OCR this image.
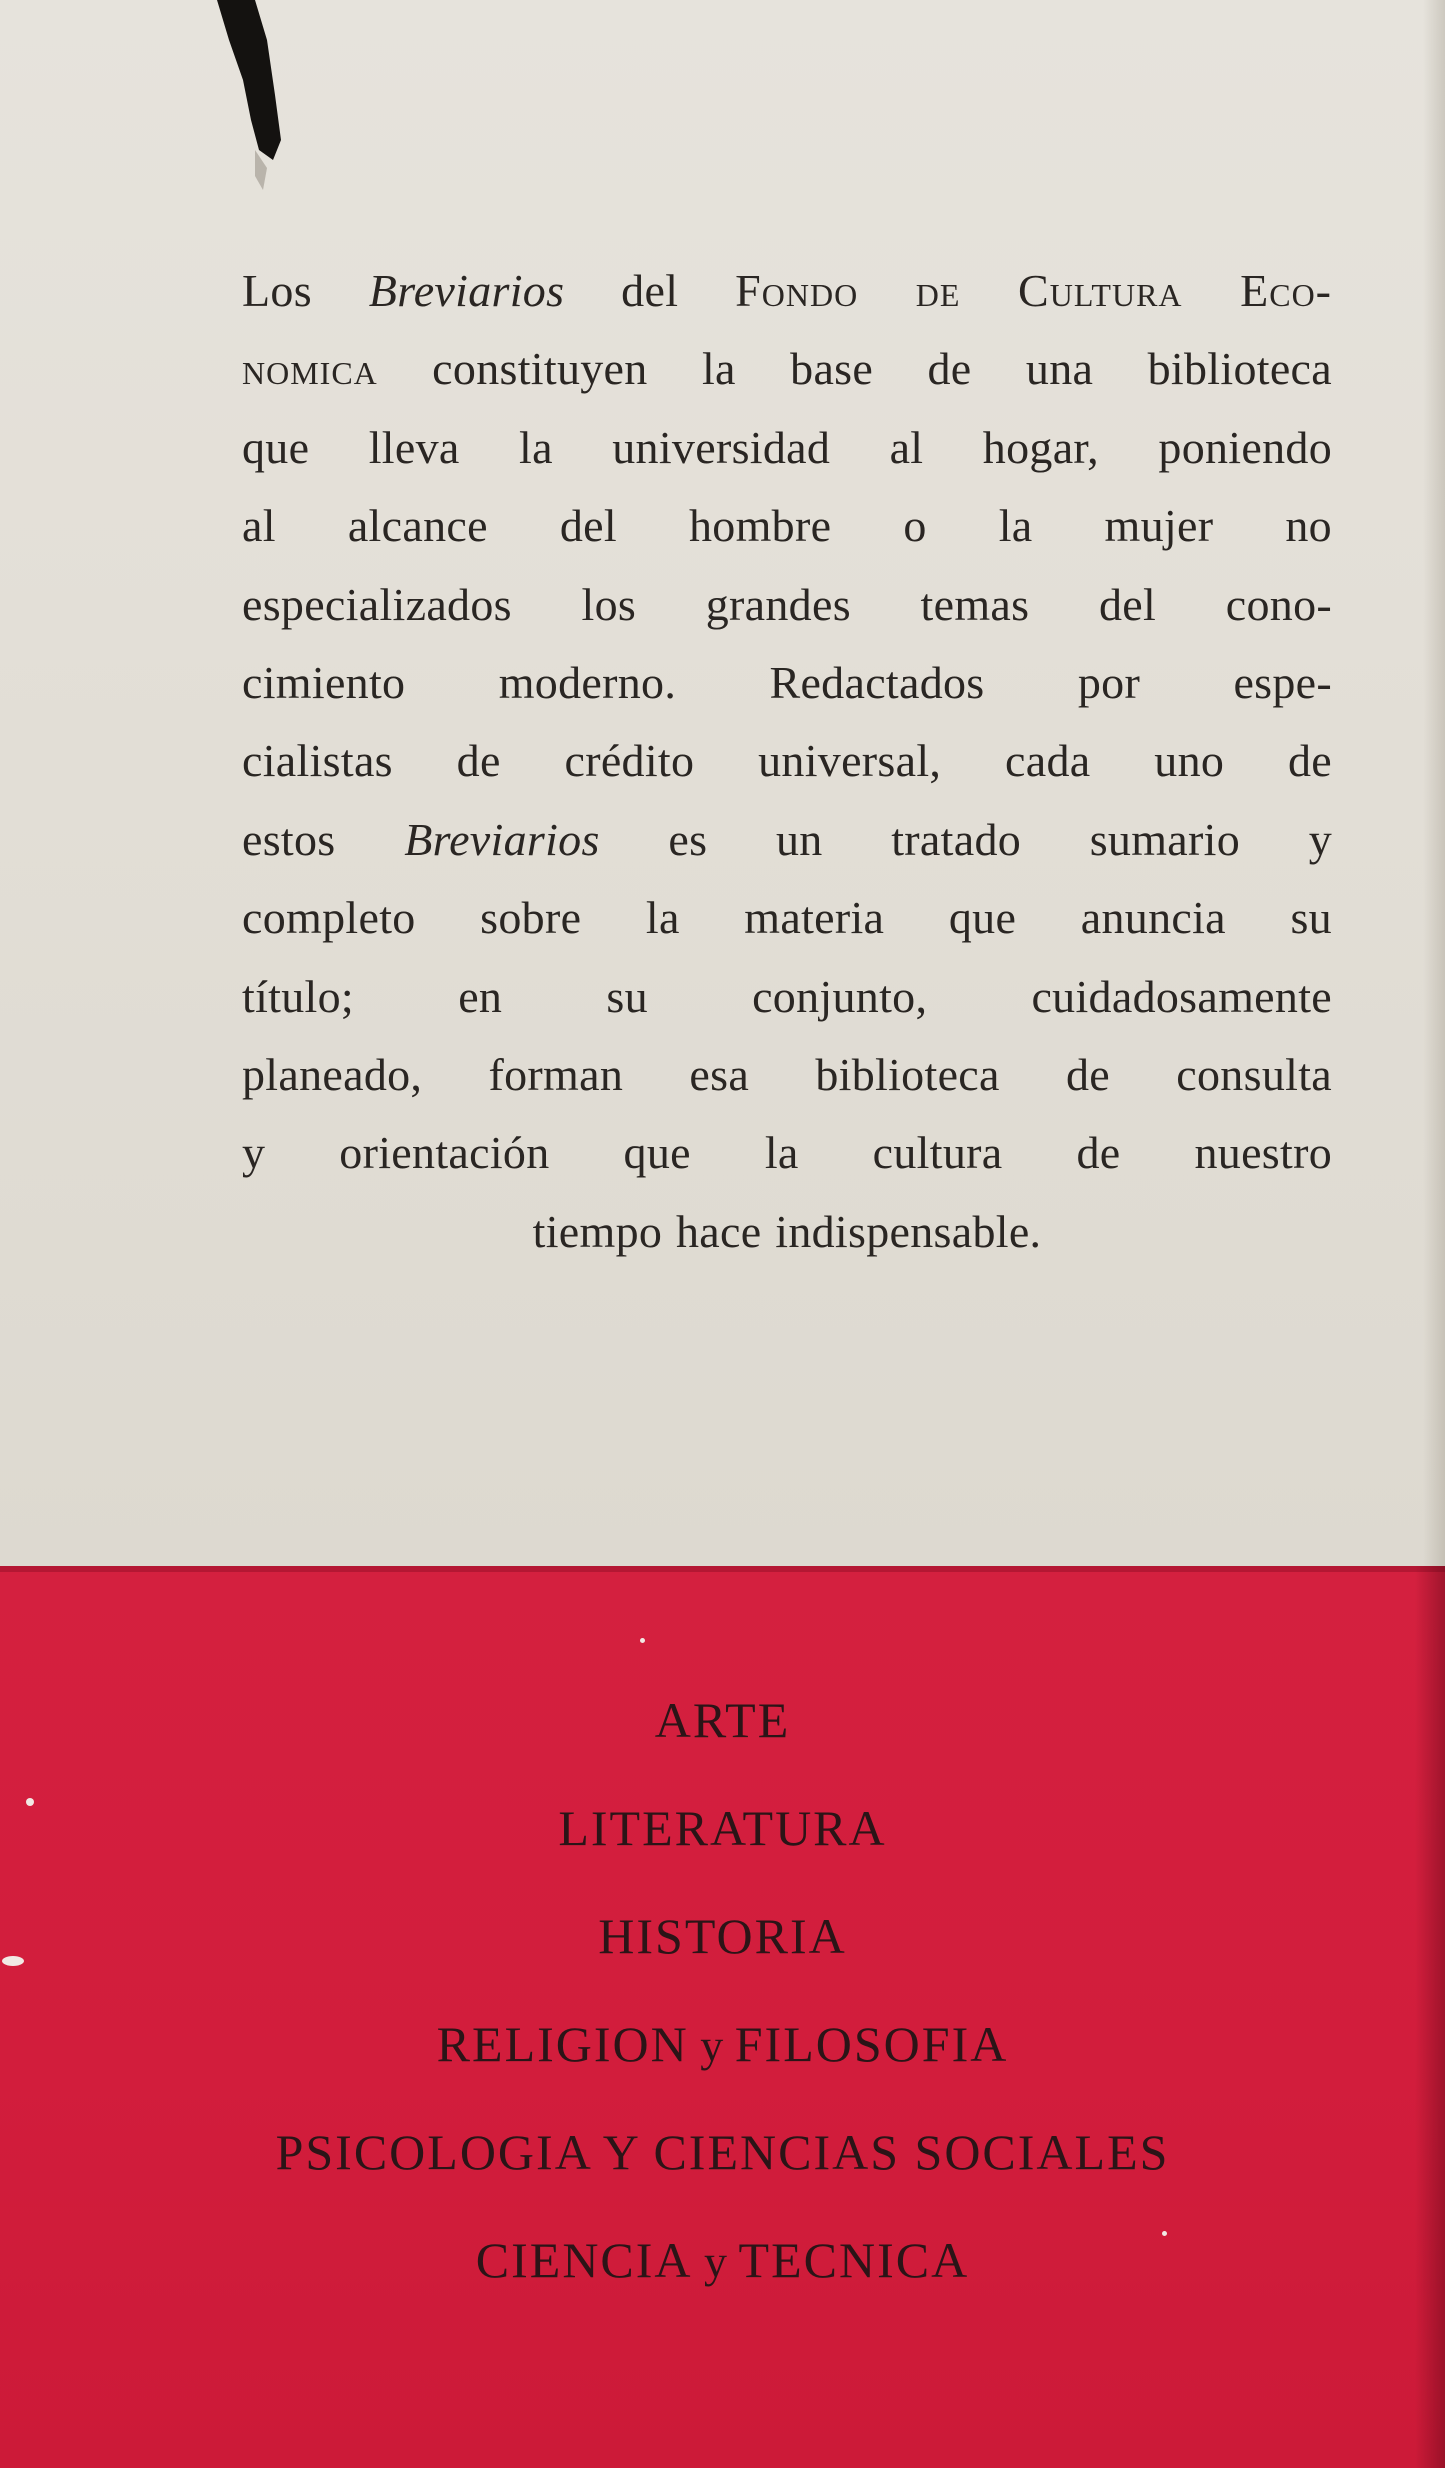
Los Breviarios del Fondo de Cultura Eco-
nomica constituyen la base de una biblioteca
que lleva la universidad al hogar, poniendo
al alcance del hombre o la mujer no
especializados los grandes temas del cono-
cimiento moderno. Redactados por espe-
cialistas de crédito universal, cada uno de
estos Breviarios es un tratado sumario y
completo sobre la materia que anuncia su
título; en su conjunto, cuidadosamente
planeado, forman esa biblioteca de consulta
y orientación que la cultura de nuestro
tiempo hace indispensable.
ARTE
LITERATURA
HISTORIA
RELIGION y FILOSOFIA
PSICOLOGIA Y CIENCIAS SOCIALES
CIENCIA y TECNICA
